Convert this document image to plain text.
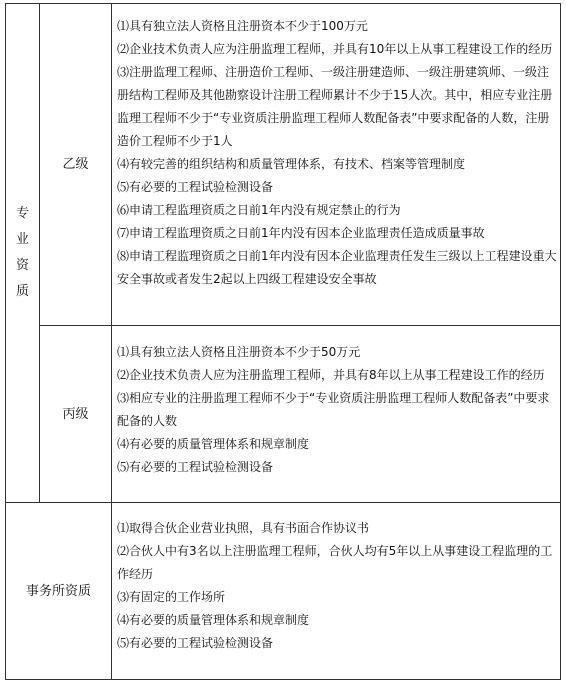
专
业
资
质
乙级
⑴具有独立法人资格且注册资本不少于100万元
⑵企业技术负责人应为注册监理工程师，并具有10年以上从事工程建设工作的经历
⑶注册监理工程师、注册造价工程师、一级注册建造师、一级注册建筑师、一级注册结构工程师及其他勘察设计注册工程师累计不少于15人次。其中，相应专业注册监理工程师不少于“专业资质注册监理工程师人数配备表”中要求配备的人数，注册造价工程师不少于1人
⑷有较完善的组织结构和质量管理体系，有技术、档案等管理制度
⑸有必要的工程试验检测设备
⑹申请工程监理资质之日前1年内没有规定禁止的行为
⑺申请工程监理资质之日前1年内没有因本企业监理责任造成质量事故
⑻申请工程监理资质之日前1年内没有因本企业监理责任发生三级以上工程建设重大安全事故或者发生2起以上四级工程建设安全事故
丙级
⑴具有独立法人资格且注册资本不少于50万元
⑵企业技术负责人应为注册监理工程师，并具有8年以上从事工程建设工作的经历
⑶相应专业的注册监理工程师不少于“专业资质注册监理工程师人数配备表”中要求配备的人数
⑷有必要的质量管理体系和规章制度
⑸有必要的工程试验检测设备
事务所资质
⑴取得合伙企业营业执照，具有书面合作协议书
⑵合伙人中有3名以上注册监理工程师，合伙人均有5年以上从事建设工程监理的工作经历
⑶有固定的工作场所
⑷有必要的质量管理体系和规章制度
⑸有必要的工程试验检测设备
